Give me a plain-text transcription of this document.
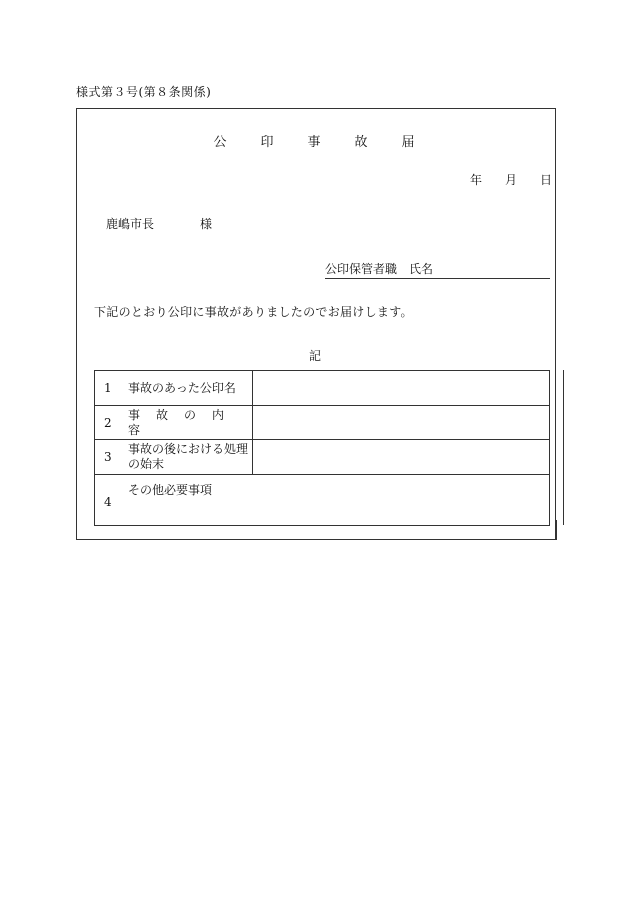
様式第３号(第８条関係)
公 印 事 故 届
年 月 日
鹿嶋市長	様
公印保管者職　氏名
下記のとおり公印に事故がありましたのでお届けします。
記
1	事故のあった公印名
2
事故の内容
3
事故の後における処理の始末
4
その他必要事項
